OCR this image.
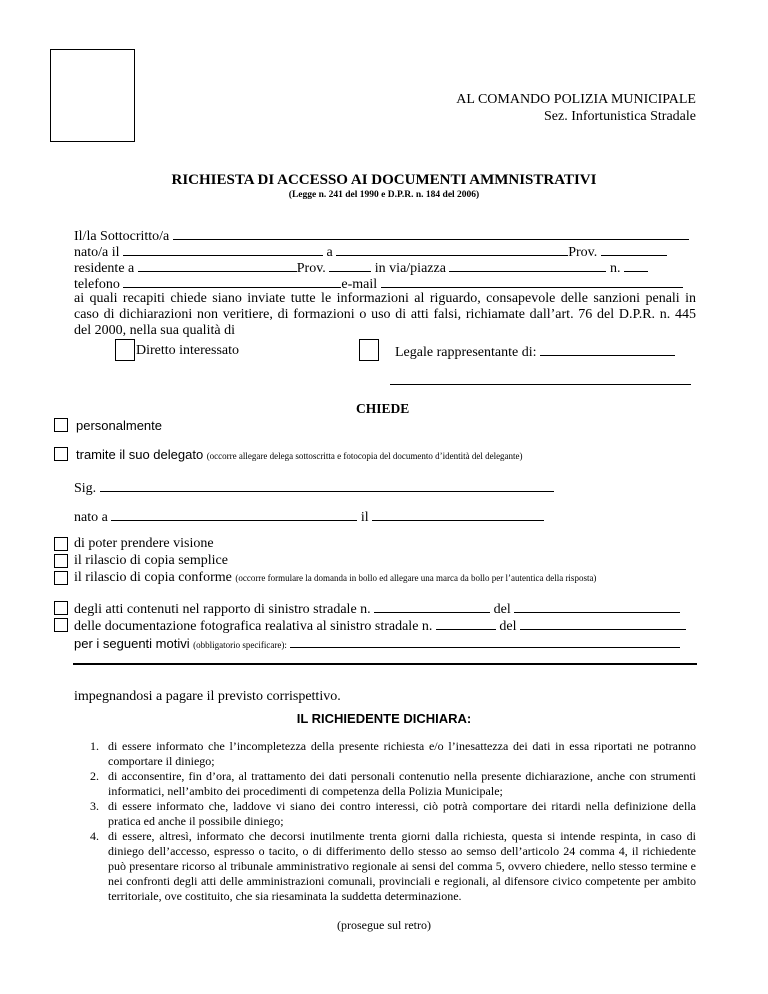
AL COMANDO POLIZIA MUNICIPALE
Sez. Infortunistica Stradale
RICHIESTA DI ACCESSO AI DOCUMENTI AMMNISTRATIVI
(Legge n. 241 del 1990 e D.P.R. n. 184 del 2006)
Il/la Sottocritto/a
nato/a il	a	Prov.
residente a	Prov.	in via/piazza	n.
telefono	e-mail
ai quali recapiti chiede siano inviate tutte le informazioni al riguardo, consapevole delle sanzioni penali in
caso di dichiarazioni non veritiere, di formazioni o uso di atti falsi, richiamate dall’art. 76 del D.P.R. n. 445
del 2000, nella sua qualità di
Diretto interessato	Legale rappresentante di:
CHIEDE
personalmente
tramite il suo delegato (occorre allegare delega sottoscritta e fotocopia del documento d’identità del delegante)
Sig.
nato a	il
di poter prendere visione
il rilascio di copia semplice
il rilascio di copia conforme (occorre formulare la domanda in bollo ed allegare una marca da bollo per l’autentica della risposta)
degli atti contenuti nel rapporto di sinistro stradale n.	del
delle documentazione fotografica realativa al sinistro stradale n.	del
per i seguenti motivi (obbligatorio specificare):
impegnandosi a pagare il previsto corrispettivo.
IL RICHIEDENTE DICHIARA:
1. di essere informato che l’incompletezza della presente richiesta e/o l’inesattezza dei dati in essa riportati ne potranno comportare il diniego;
2. di acconsentire, fin d’ora, al trattamento dei dati personali contenutio nella presente dichiarazione, anche con strumenti informatici, nell’ambito dei procedimenti di competenza della Polizia Municipale;
3. di essere informato che, laddove vi siano dei contro interessi, ciò potrà comportare dei ritardi nella definizione della pratica ed anche il possibile diniego;
4. di essere, altresì, informato che decorsi inutilmente trenta giorni dalla richiesta, questa si intende respinta, in caso di diniego dell’accesso, espresso o tacito, o di differimento dello stesso ao semso dell’articolo 24 comma 4, il richiedente può presentare ricorso al tribunale amministrativo regionale ai sensi del comma 5, ovvero chiedere, nello stesso termine e nei confronti degli atti delle amministrazioni comunali, provinciali e regionali, al difensore civico competente per ambito territoriale, ove costituito, che sia riesaminata la suddetta determinazione.
(prosegue sul retro)
